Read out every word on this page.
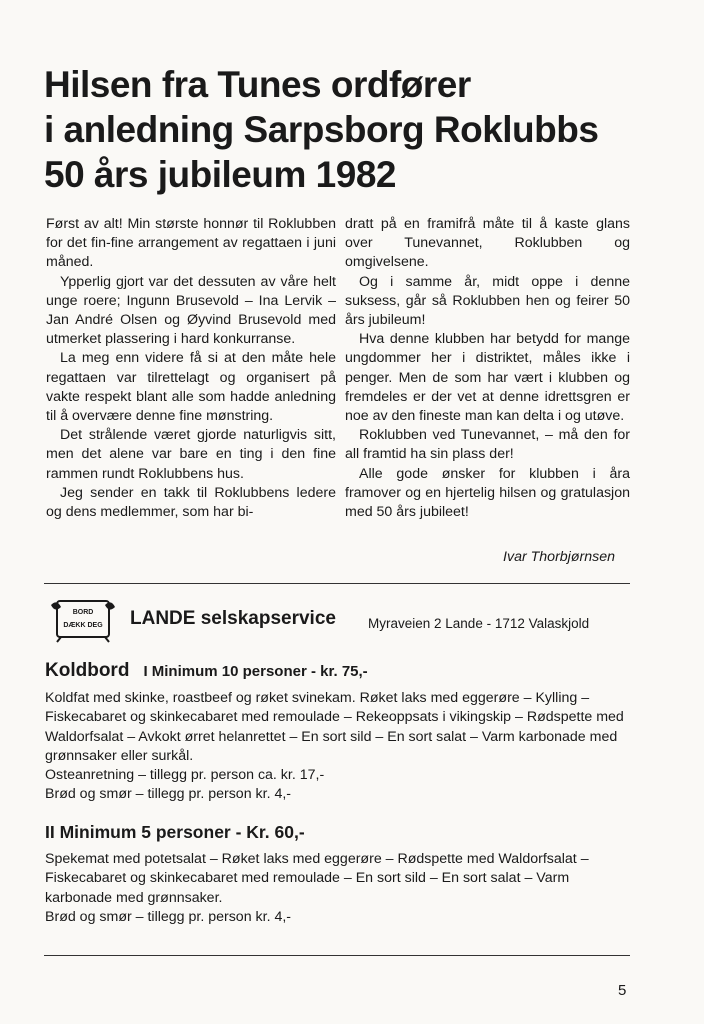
Hilsen fra Tunes ordfører
i anledning Sarpsborg Roklubbs
50 års jubileum 1982

Først av alt! Min største honnør til Roklubben for det fin-fine arrangement av regattaen i juni måned.

Ypperlig gjort var det dessuten av våre helt unge roere; Ingunn Brusevold – Ina Lervik – Jan André Olsen og Øyvind Brusevold med utmerket plassering i hard konkurranse.

La meg enn videre få si at den måte hele regattaen var tilrettelagt og organisert på vakte respekt blant alle som hadde anledning til å overvære denne fine mønstring.

Det strålende været gjorde naturligvis sitt, men det alene var bare en ting i den fine rammen rundt Roklubbens hus.

Jeg sender en takk til Roklubbens ledere og dens medlemmer, som har bi-

dratt på en framifrå måte til å kaste glans over Tunevannet, Roklubben og omgivelsene.

Og i samme år, midt oppe i denne suksess, går så Roklubben hen og feirer 50 års jubileum!

Hva denne klubben har betydd for mange ungdommer her i distriktet, måles ikke i penger. Men de som har vært i klubben og fremdeles er der vet at denne idrettsgren er noe av den fineste man kan delta i og utøve.

Roklubben ved Tunevannet, – må den for all framtid ha sin plass der!

Alle gode ønsker for klubben i åra framover og en hjertelig hilsen og gratulasjon med 50 års jubileet!

Ivar Thorbjørnsen
BORD
DÆKK DEG LANDE selskapservice Myraveien 2 Lande - 1712 Valaskjold
Koldbord I Minimum 10 personer - kr. 75,-

Koldfat med skinke, roastbeef og røket svinekam. Røket laks med eggerøre – Kylling – Fiskecabaret og skinkecabaret med remoulade – Rekeoppsats i vikingskip – Rødspette med Waldorfsalat – Avkokt ørret helanrettet – En sort sild – En sort salat – Varm karbonade med grønnsaker eller surkål.

Osteanretning – tillegg pr. person ca. kr. 17,-

Brød og smør – tillegg pr. person kr. 4,-

II Minimum 5 personer - Kr. 60,-

Spekemat med potetsalat – Røket laks med eggerøre – Rødspette med Waldorfsalat – Fiskecabaret og skinkecabaret med remoulade – En sort sild – En sort salat – Varm karbonade med grønnsaker.

Brød og smør – tillegg pr. person kr. 4,-

5
